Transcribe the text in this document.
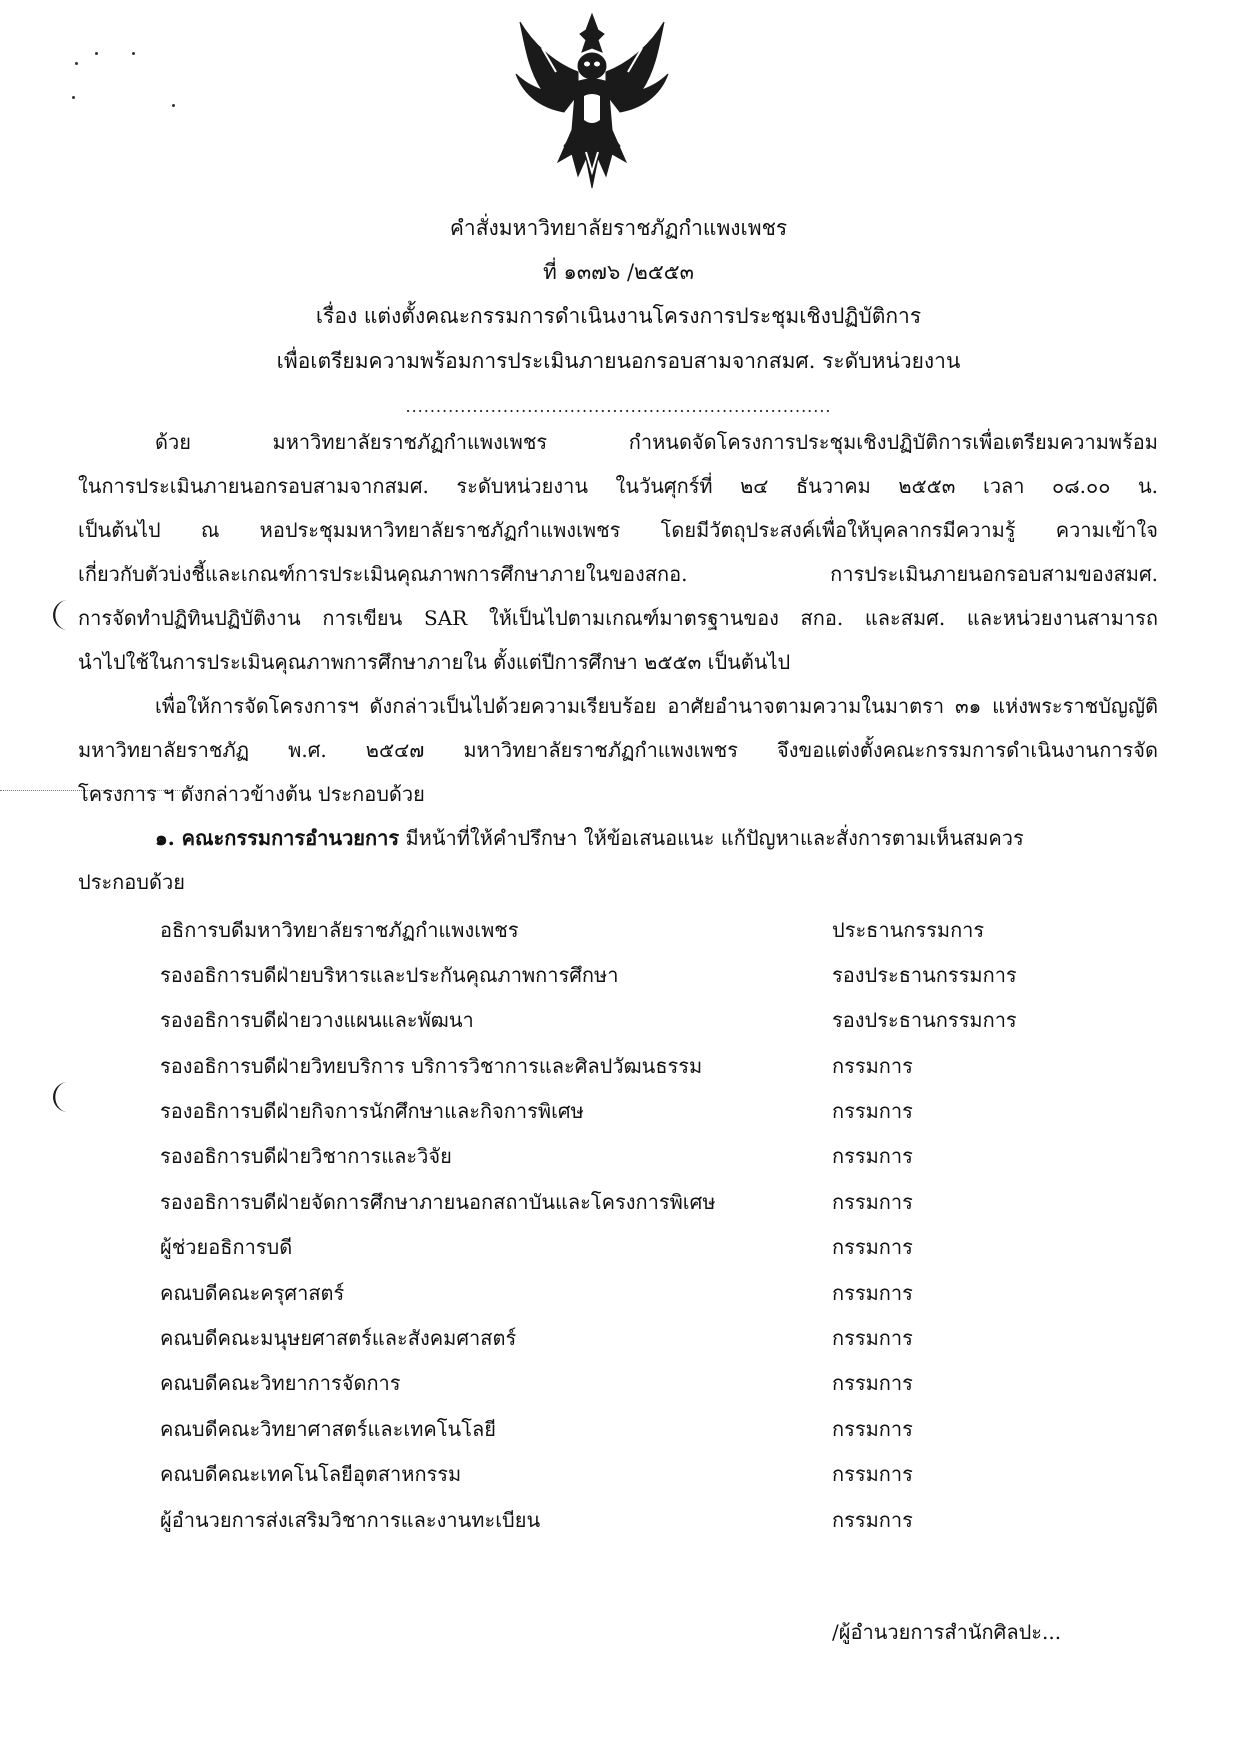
คำสั่งมหาวิทยาลัยราชภัฏกำแพงเพชร
ที่ ๑๓๗๖ /๒๕๕๓
เรื่อง แต่งตั้งคณะกรรมการดำเนินงานโครงการประชุมเชิงปฏิบัติการ
เพื่อเตรียมความพร้อมการประเมินภายนอกรอบสามจากสมศ. ระดับหน่วยงาน
......................................................................
ด้วย มหาวิทยาลัยราชภัฏกำแพงเพชร กำหนดจัดโครงการประชุมเชิงปฏิบัติการเพื่อเตรียมความพร้อม
ในการประเมินภายนอกรอบสามจากสมศ. ระดับหน่วยงาน ในวันศุกร์ที่ ๒๔ ธันวาคม ๒๕๕๓ เวลา ๐๘.๐๐ น.
เป็นต้นไป ณ หอประชุมมหาวิทยาลัยราชภัฏกำแพงเพชร โดยมีวัตถุประสงค์เพื่อให้บุคลากรมีความรู้ ความเข้าใจ
เกี่ยวกับตัวบ่งชี้และเกณฑ์การประเมินคุณภาพการศึกษาภายในของสกอ. การประเมินภายนอกรอบสามของสมศ.
การจัดทำปฏิทินปฏิบัติงาน การเขียน SAR ให้เป็นไปตามเกณฑ์มาตรฐานของ สกอ. และสมศ. และหน่วยงานสามารถ
นำไปใช้ในการประเมินคุณภาพการศึกษาภายใน ตั้งแต่ปีการศึกษา ๒๕๕๓ เป็นต้นไป
เพื่อให้การจัดโครงการฯ ดังกล่าวเป็นไปด้วยความเรียบร้อย อาศัยอำนาจตามความในมาตรา ๓๑ แห่งพระราชบัญญัติ
มหาวิทยาลัยราชภัฏ พ.ศ. ๒๕๔๗ มหาวิทยาลัยราชภัฏกำแพงเพชร จึงขอแต่งตั้งคณะกรรมการดำเนินงานการจัด
โครงการ ฯ ดังกล่าวข้างต้น ประกอบด้วย
๑. คณะกรรมการอำนวยการ มีหน้าที่ให้คำปรึกษา ให้ข้อเสนอแนะ แก้ปัญหาและสั่งการตามเห็นสมควร
ประกอบด้วย
อธิการบดีมหาวิทยาลัยราชภัฏกำแพงเพชร	ประธานกรรมการ
รองอธิการบดีฝ่ายบริหารและประกันคุณภาพการศึกษา	รองประธานกรรมการ
รองอธิการบดีฝ่ายวางแผนและพัฒนา	รองประธานกรรมการ
รองอธิการบดีฝ่ายวิทยบริการ บริการวิชาการและศิลปวัฒนธรรม	กรรมการ
รองอธิการบดีฝ่ายกิจการนักศึกษาและกิจการพิเศษ	กรรมการ
รองอธิการบดีฝ่ายวิชาการและวิจัย	กรรมการ
รองอธิการบดีฝ่ายจัดการศึกษาภายนอกสถาบันและโครงการพิเศษ	กรรมการ
ผู้ช่วยอธิการบดี	กรรมการ
คณบดีคณะครุศาสตร์	กรรมการ
คณบดีคณะมนุษยศาสตร์และสังคมศาสตร์	กรรมการ
คณบดีคณะวิทยาการจัดการ	กรรมการ
คณบดีคณะวิทยาศาสตร์และเทคโนโลยี	กรรมการ
คณบดีคณะเทคโนโลยีอุตสาหกรรม	กรรมการ
ผู้อำนวยการส่งเสริมวิชาการและงานทะเบียน	กรรมการ
/ผู้อำนวยการสำนักศิลปะ...
